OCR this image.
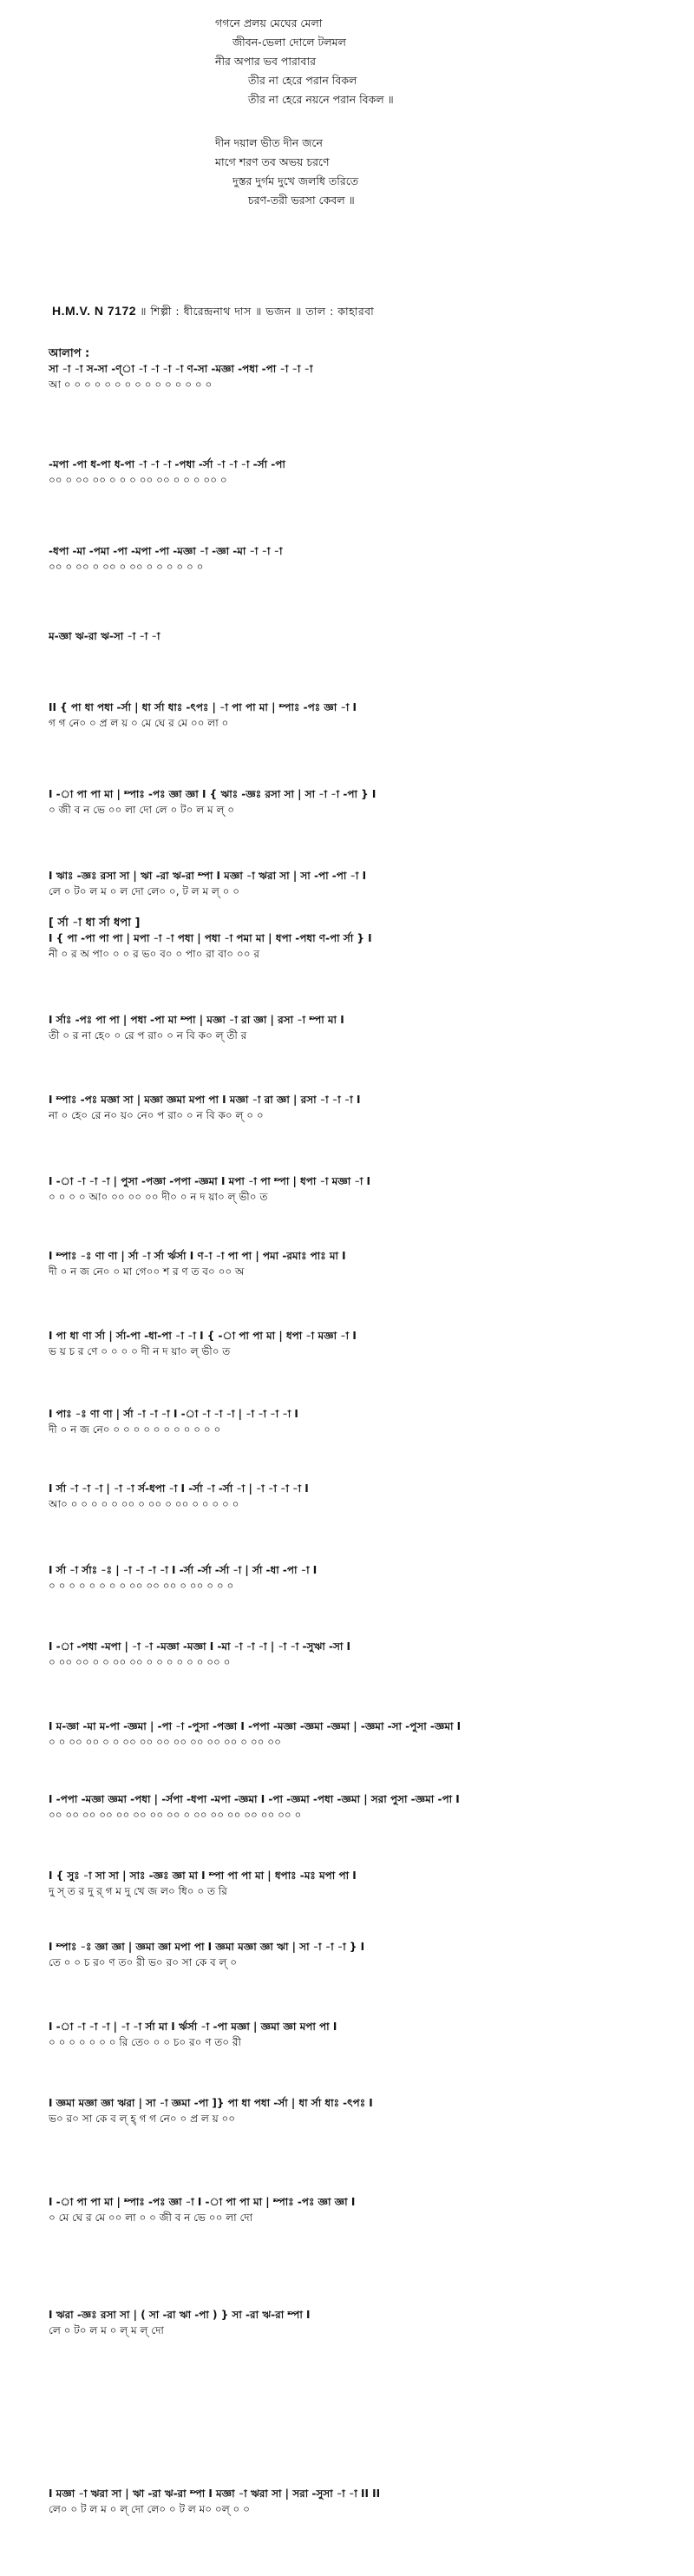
গগনে প্রলয় মেঘের মেলা
জীবন-ভেলা দোলে টলমল
নীর অপার ভব পারাবার
তীর না হেরে পরান বিকল
তীর না হেরে নয়নে পরান বিকল ॥
দীন দয়াল ভীত দীন জনে
মাগে শরণ তব অভয় চরণে
দুস্তর দুর্গম দুখে জলধি তরিতে
চরণ-তরী ভরসা কেবল ॥
H.M.V. N 7172 ॥ শিল্পী : ধীরেন্দ্রনাথ দাস ॥ ভজন ॥ তাল : কাহারবা
আলাপ :
[ র্সা -া ধা র্সা ধপা ]
সা -া -া স-সা -ণ্া -া -া -া -া ণ-সা -মজ্ঞা -পধা -পা -া -া -া
আ ০ ০ ০ ০ ০ ০ ০ ০ ০ ০ ০ ০ ০ ০ ০
-মপা -পা ধ-পা ধ-পা -া -া -া -পধা -র্সা -া -া -া -র্সা -পা
০০ ০ ০০ ০০ ০ ০ ০ ০০ ০০ ০ ০ ০ ০০ ০
-ধপা -মা -পমা -পা -মপা -পা -মজ্ঞা -া -জ্ঞা -মা -া -া -া
০০ ০ ০০ ০ ০০ ০ ০০ ০ ০ ০ ০ ০ ০
ম-জ্ঞা ঋ-রা ঋ-সা -া -া -া
II { পা ধা পধা -র্সা | ধা র্সা ধাঃ -ৎপঃ | -া পা পা মা | ম্পাঃ -পঃ জ্ঞা -া I
গ গ নে০ ০ প্র ল য় ০ মে ঘে র মে ০০ লা ০
I -া পা পা মা | ম্পাঃ -পঃ জ্ঞা জ্ঞা I { ঋাঃ -জ্ঞঃ রসা সা | সা -া -া -পা } I
০ জী ব ন ভে ০০ লা দো লে ০ ট০ ল ম ল্‌ ০
I ঋাঃ -জ্ঞঃ রসা সা | ঋা -রা ঋ-রা ম্পা I মজ্ঞা -া ঋরা সা | সা -পা -পা -া I
লে ০ ট০ ল ম ০ ল দো লে০ ০, ট ল ম ল্‌ ০ ০
I { পা -পা পা পা | মপা -া -া পধা | পধা -া পমা মা | ধপা -পধা ণ-পা র্সা } I
নী ০ র অ পা০ ০ ০ র ভ০ ব০ ০ পা০ রা বা০ ০০ র
I র্সাঃ -পঃ পা পা | পধা -পা মা ম্পা | মজ্ঞা -া রা জ্ঞা | রসা -া ম্পা মা I
তী ০ র না হে০ ০ রে প রা০ ০ ন বি ক০ ল্‌ তী র
I ম্পাঃ -পঃ মজ্ঞা সা | মজ্ঞা জ্ঞমা মপা পা I মজ্ঞা -া রা জ্ঞা | রসা -া -া -া I
না ০ হে০ রে ন০ য়০ নে০ প রা০ ০ ন বি ক০ ল্‌ ০ ০
I -া -া -া -া | পুসা -পজ্ঞা -পপা -জ্ঞমা I মপা -া পা ম্পা | ধপা -া মজ্ঞা -া I
০ ০ ০ ০ আ০ ০০ ০০ ০০ দী০ ০ ন দ য়া০ ল্‌ ভী০ ত
I ম্পাঃ -ঃ ণা ণা | র্সা -া র্সা র্ঋর্সা I ণ-া -া পা পা | পমা -রমাঃ পাঃ মা I
দী ০ ন জ নে০ ০ মা গে০০ শ র ণ ত ব০ ০০ অ
I পা ধা ণা র্সা | র্সা-পা -ধা-পা -া -া I { -া পা পা মা | ধপা -া মজ্ঞা -া I
ভ য় চ র ণে ০ ০ ০ ০ দী ন দ য়া০ ল্‌ ভী০ ত
I পাঃ -ঃ ণা ণা | র্সা -া -া -া I -া -া -া -া | -া -া -া -া I
দী ০ ন জ নে০ ০ ০ ০ ০ ০ ০ ০ ০ ০ ০ ০
I র্সা -া -া -া | -া -া র্স-ধপা -া I -র্সা -া -র্সা -া | -া -া -া -া I
আ০ ০ ০ ০ ০ ০ ০০ ০ ০০ ০ ০০ ০ ০ ০ ০ ০
I র্সা -া র্সাঃ -ঃ | -া -া -া -া I -র্সা -র্সা -র্সা -া | র্সা -ধা -পা -া I
০ ০ ০ ০ ০ ০ ০ ০ ০০ ০০ ০০ ০ ০০ ০ ০ ০
I -া -পধা -মপা | -া -া -মজ্ঞা -মজ্ঞা I -মা -া -া -া | -া -া -সুঋা -সা I
০ ০০ ০০ ০ ০ ০০ ০০ ০ ০ ০ ০ ০ ০ ০০ ০
I ম-জ্ঞা -মা ম-পা -জ্ঞমা | -পা -া -পুসা -পজ্ঞা I -পপা -মজ্ঞা -জ্ঞমা -জ্ঞমা | -জ্ঞমা -সা -পুসা -জ্ঞমা I
০ ০ ০০ ০০ ০ ০ ০০ ০০ ০০ ০০ ০০ ০০ ০০ ০ ০০ ০০
I -পপা -মজ্ঞা জ্ঞমা -পধা | -র্সপা -ধপা -মপা -জ্ঞমা I -পা -জ্ঞমা -পধা -জ্ঞমা | সরা পুসা -জ্ঞমা -পা I
০০ ০০ ০০ ০০ ০০ ০০ ০০ ০০ ০ ০০ ০০ ০০ ০০ ০০ ০০ ০
I { সুঃ -া সা সা | সাঃ -জ্ঞঃ জ্ঞা মা I ম্পা পা পা মা | ধপাঃ -মঃ মপা পা I
দু স্‌ ত র দু র্‌ গ ম দু খে জ ল০ ধি০ ০ ত রি
I ম্পাঃ -ঃ জ্ঞা জ্ঞা | জ্ঞমা জ্ঞা মপা পা I জ্ঞমা মজ্ঞা জ্ঞা ঋা | সা -া -া -া } I
তে ০ ০ চ র০ ণ ত০ রী ভ০ র০ সা কে ব ল্‌ ০
I -া -া -া -া | -া -া র্সা মা I র্ঋর্সা -া -পা মজ্ঞা | জ্ঞমা জ্ঞা মপা পা I
০ ০ ০ ০ ০ ০ ০ রি তে০ ০ ০ চ০ র০ ণ ত০ রী
I জ্ঞমা মজ্ঞা জ্ঞা ঋরা | সা -া জ্ঞমা -পা ]} পা ধা পধা -র্সা | ধা র্সা ধাঃ -ৎপঃ I
ভ০ র০ সা কে ব ল্‌ হ্‌ গ গ নে০ ০ প্র ল য় ০০
I -া পা পা মা | ম্পাঃ -পঃ জ্ঞা -া I -া পা পা মা | ম্পাঃ -পঃ জ্ঞা জ্ঞা I
০ মে ঘে র মে ০০ লা ০ ০ জী ব ন ভে ০০ লা দো
I ঋরা -জ্ঞঃ রসা সা | ( সা -রা ঋা -পা ) } সা -রা ঋ-রা ম্পা I
লে ০ ট০ ল ম ০ ল্‌ ম ল্‌ দো
I মজ্ঞা -া ঋরা সা | ঋা -রা ঋ-রা ম্পা I মজ্ঞা -া ঋরা সা | সরা -সুসা -া -া II II
লে০ ০ ট ল ম ০ ল্‌ দো লে০ ০ ট ল ম০ ০ল্‌ ০ ০
